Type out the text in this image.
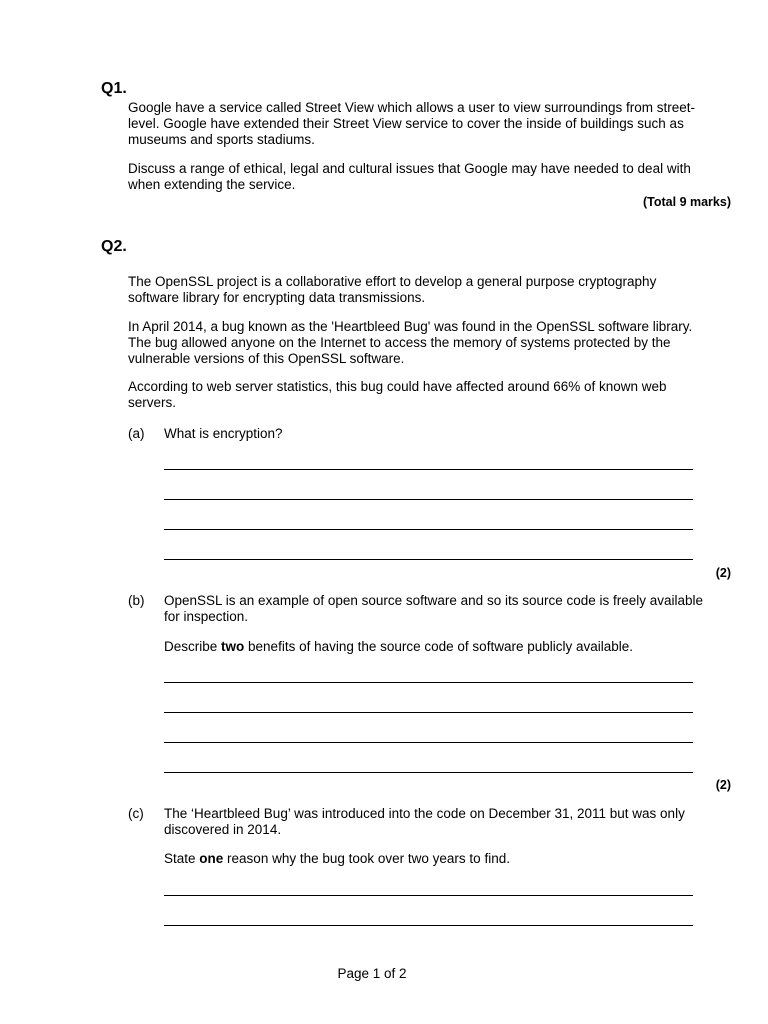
Q1.

Google have a service called Street View which allows a user to view surroundings from street-level. Google have extended their Street View service to cover the inside of buildings such as museums and sports stadiums.

Discuss a range of ethical, legal and cultural issues that Google may have needed to deal with when extending the service.

(Total 9 marks)
Q2.

The OpenSSL project is a collaborative effort to develop a general purpose cryptography software library for encrypting data transmissions.

In April 2014, a bug known as the 'Heartbleed Bug' was found in the OpenSSL software library. The bug allowed anyone on the Internet to access the memory of systems protected by the vulnerable versions of this OpenSSL software.

According to web server statistics, this bug could have affected around 66% of known web servers.

(a) What is encryption?

(2)
(b) OpenSSL is an example of open source software and so its source code is freely available for inspection.

Describe two benefits of having the source code of software publicly available.

(2)
(c) The ‘Heartbleed Bug’ was introduced into the code on December 31, 2011 but was only discovered in 2014.

State one reason why the bug took over two years to find.

Page 1 of 2
